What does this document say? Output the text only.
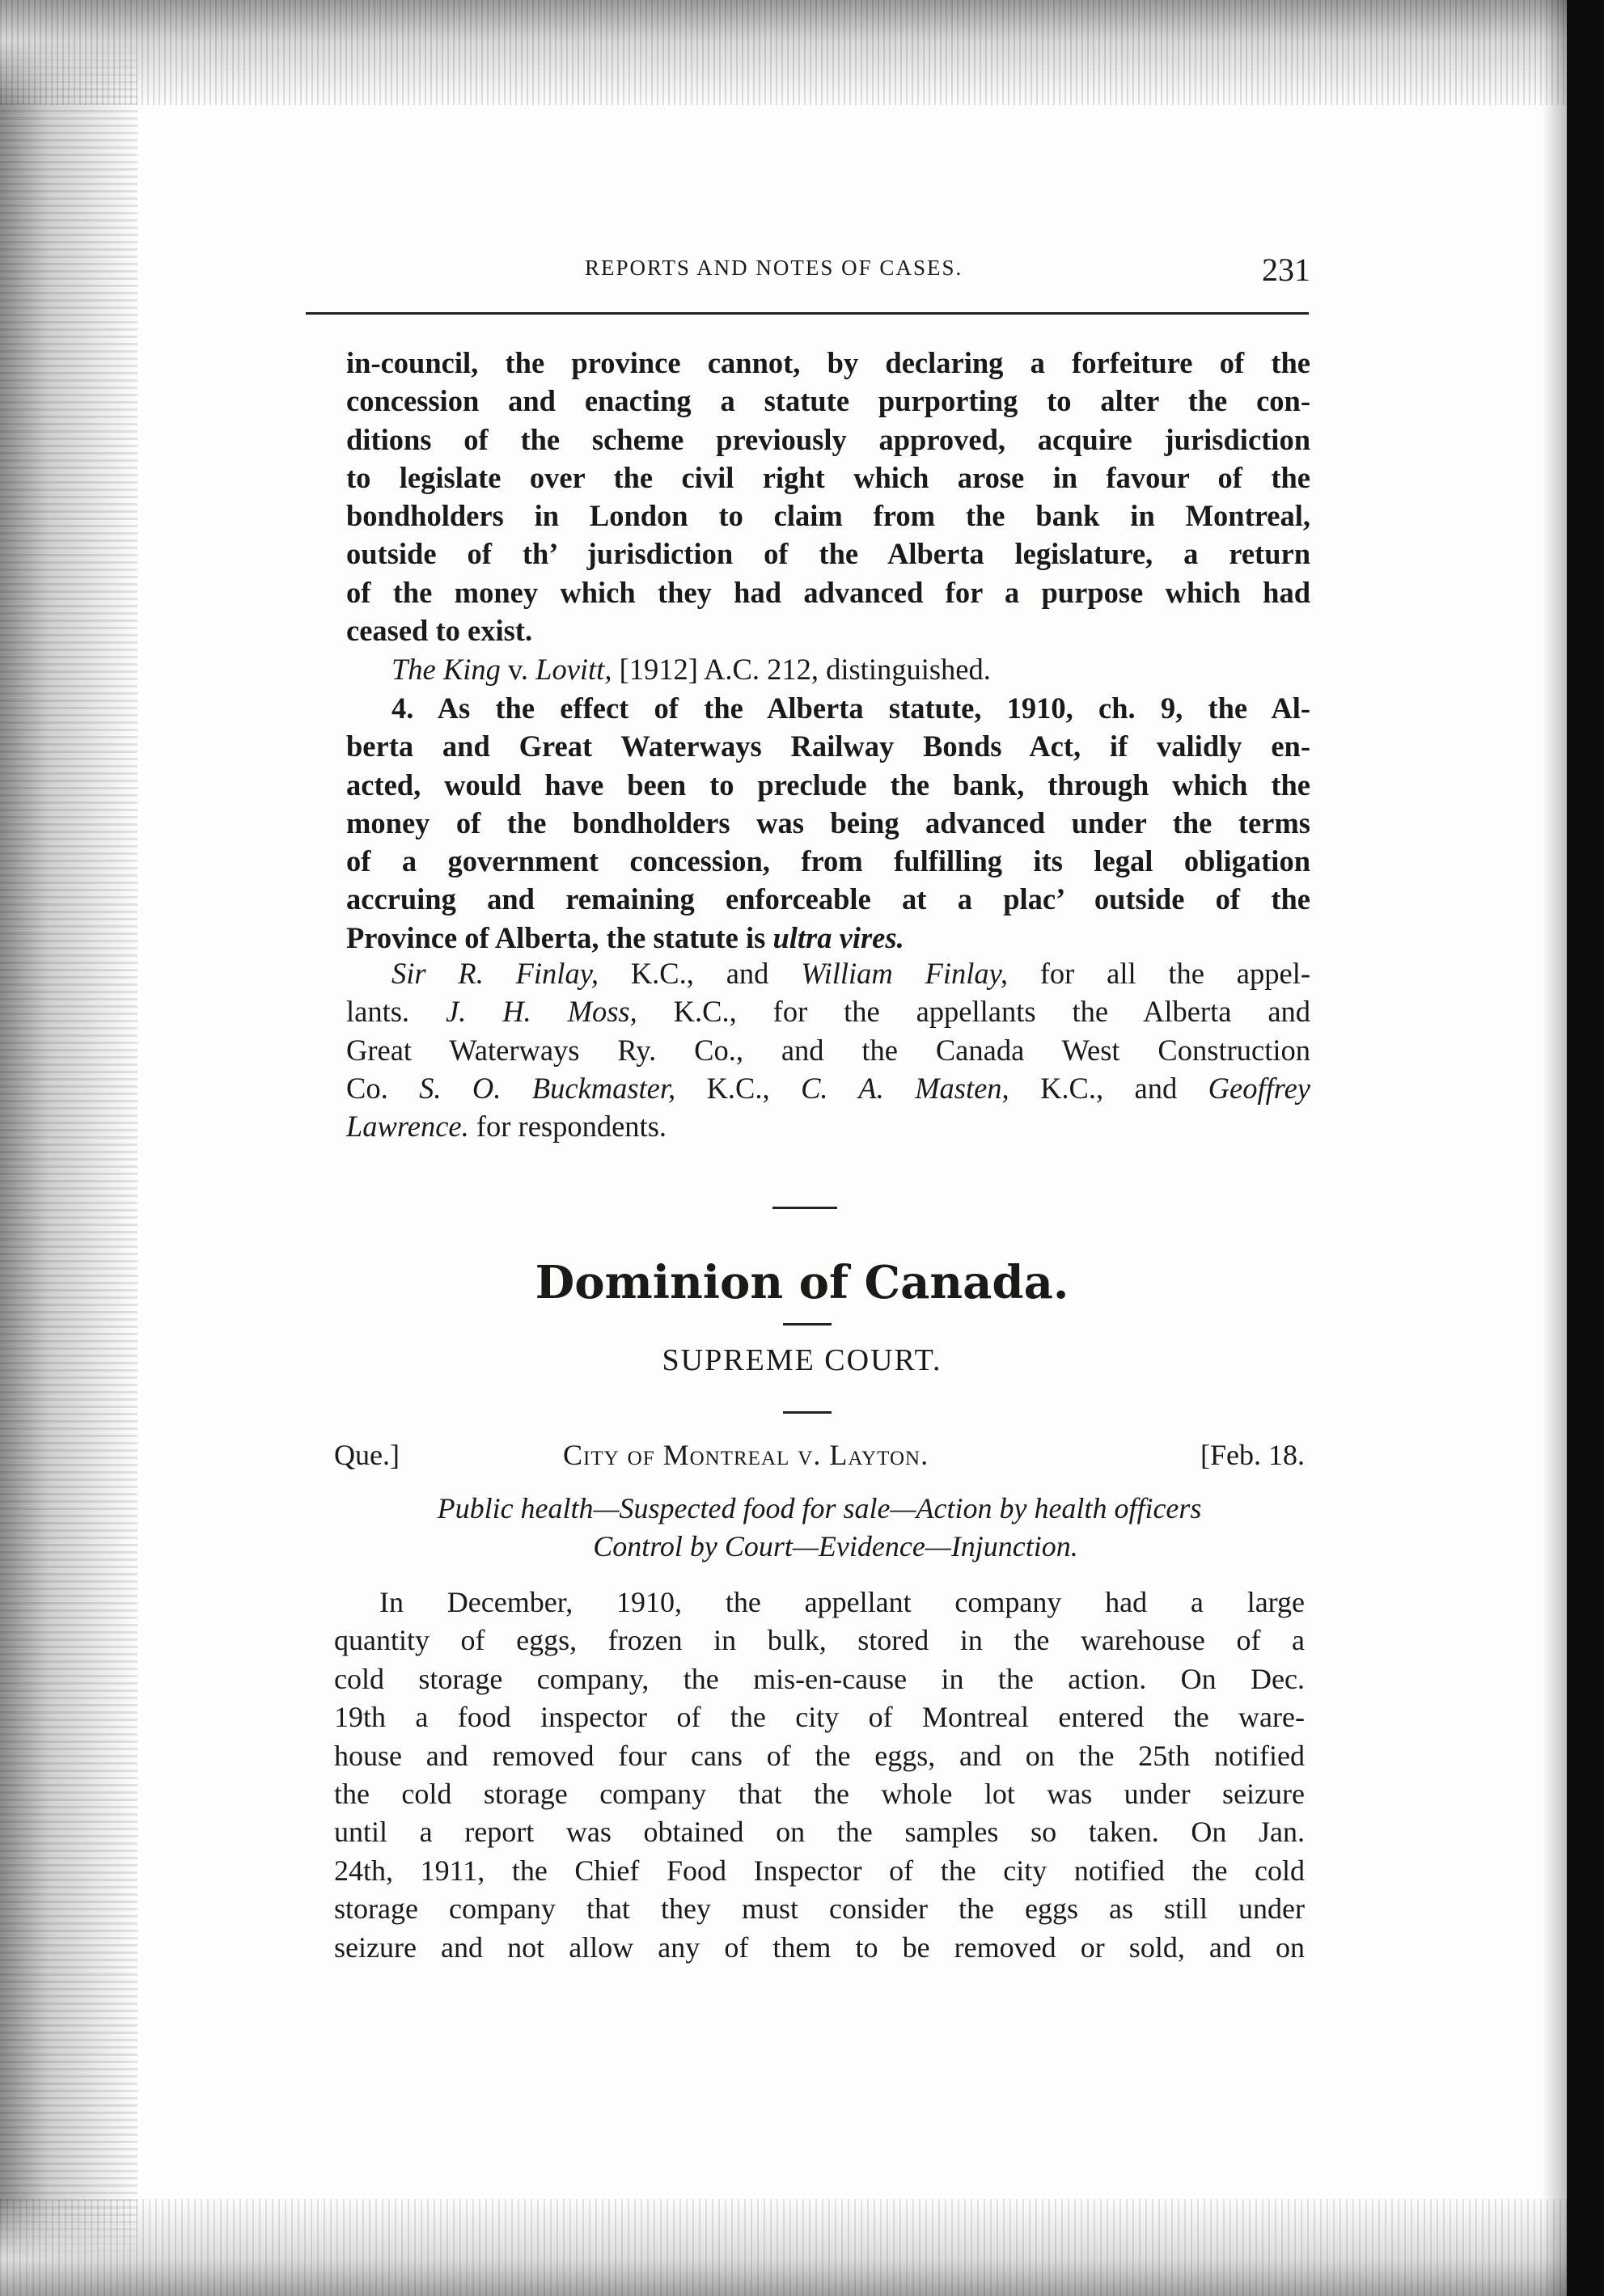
REPORTS AND NOTES OF CASES.	231
in-council, the province cannot, by declaring a forfeiture of the
concession and enacting a statute purporting to alter the con-
ditions of the scheme previously approved, acquire jurisdiction
to legislate over the civil right which arose in favour of the
bondholders in London to claim from the bank in Montreal,
outside of th’ jurisdiction of the Alberta legislature, a return
of the money which they had advanced for a purpose which had
ceased to exist.
The King v. Lovitt, [1912] A.C. 212, distinguished.
4. As the effect of the Alberta statute, 1910, ch. 9, the Al-
berta and Great Waterways Railway Bonds Act, if validly en-
acted, would have been to preclude the bank, through which the
money of the bondholders was being advanced under the terms
of a government concession, from fulfilling its legal obligation
accruing and remaining enforceable at a plac’ outside of the
Province of Alberta, the statute is ultra vires.
Sir R. Finlay, K.C., and William Finlay, for all the appel-
lants. J. H. Moss, K.C., for the appellants the Alberta and
Great Waterways Ry. Co., and the Canada West Construction
Co. S. O. Buckmaster, K.C., C. A. Masten, K.C., and Geoffrey
Lawrence. for respondents.
Dominion of Canada.
SUPREME COURT.
Que.]	City of Montreal v. Layton.	[Feb. 18.
Public health—Suspected food for sale—Action by health officers
Control by Court—Evidence—Injunction.
In December, 1910, the appellant company had a large
quantity of eggs, frozen in bulk, stored in the warehouse of a
cold storage company, the mis-en-cause in the action. On Dec.
19th a food inspector of the city of Montreal entered the ware-
house and removed four cans of the eggs, and on the 25th notified
the cold storage company that the whole lot was under seizure
until a report was obtained on the samples so taken. On Jan.
24th, 1911, the Chief Food Inspector of the city notified the cold
storage company that they must consider the eggs as still under
seizure and not allow any of them to be removed or sold, and on
